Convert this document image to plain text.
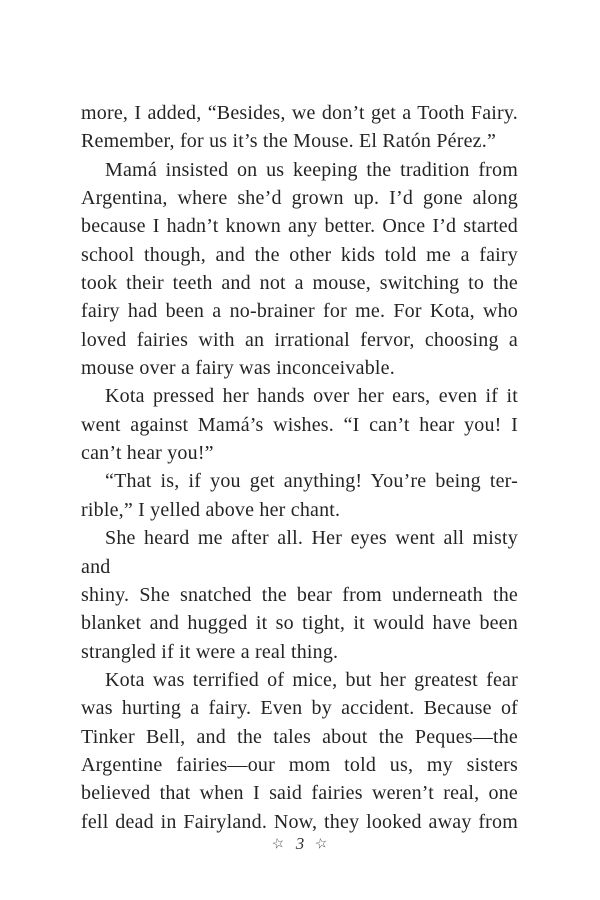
more, I added, “Besides, we don’t get a Tooth Fairy.
Remember, for us it’s the Mouse. El Ratón Pérez.”
Mamá insisted on us keeping the tradition from
Argentina, where she’d grown up. I’d gone along
because I hadn’t known any better. Once I’d started
school though, and the other kids told me a fairy
took their teeth and not a mouse, switching to the
fairy had been a no-brainer for me. For Kota, who
loved fairies with an irrational fervor, choosing a
mouse over a fairy was inconceivable.
Kota pressed her hands over her ears, even if it
went against Mamá’s wishes. “I can’t hear you! I
can’t hear you!”
“That is, if you get anything! You’re being ter-
rible,” I yelled above her chant.
She heard me after all. Her eyes went all misty and
shiny. She snatched the bear from underneath the
blanket and hugged it so tight, it would have been
strangled if it were a real thing.
Kota was terrified of mice, but her greatest fear
was hurting a fairy. Even by accident. Because of
Tinker Bell, and the tales about the Peques—the
Argentine fairies—our mom told us, my sisters
believed that when I said fairies weren’t real, one
fell dead in Fairyland. Now, they looked away from
☆ 3 ☆
